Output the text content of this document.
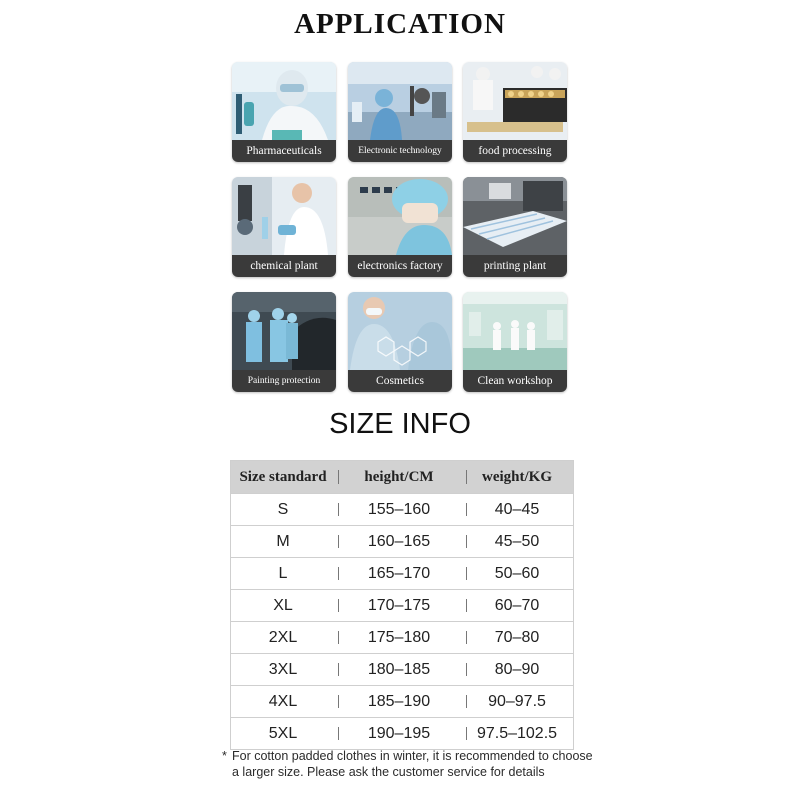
APPLICATION
Pharmaceuticals	Electronic technology	food processing
chemical plant	electronics factory	printing plant
Painting protection	Cosmetics	Clean workshop
SIZE INFO
Size standard	height/CM	weight/KG
S	155–160	40–45
M	160–165	45–50
L	165–170	50–60
XL	170–175	60–70
2XL	175–180	70–80
3XL	180–185	80–90
4XL	185–190	90–97.5
5XL	190–195	97.5–102.5
* For cotton padded clothes in winter, it is recommended to choose a larger size. Please ask the customer service for details
